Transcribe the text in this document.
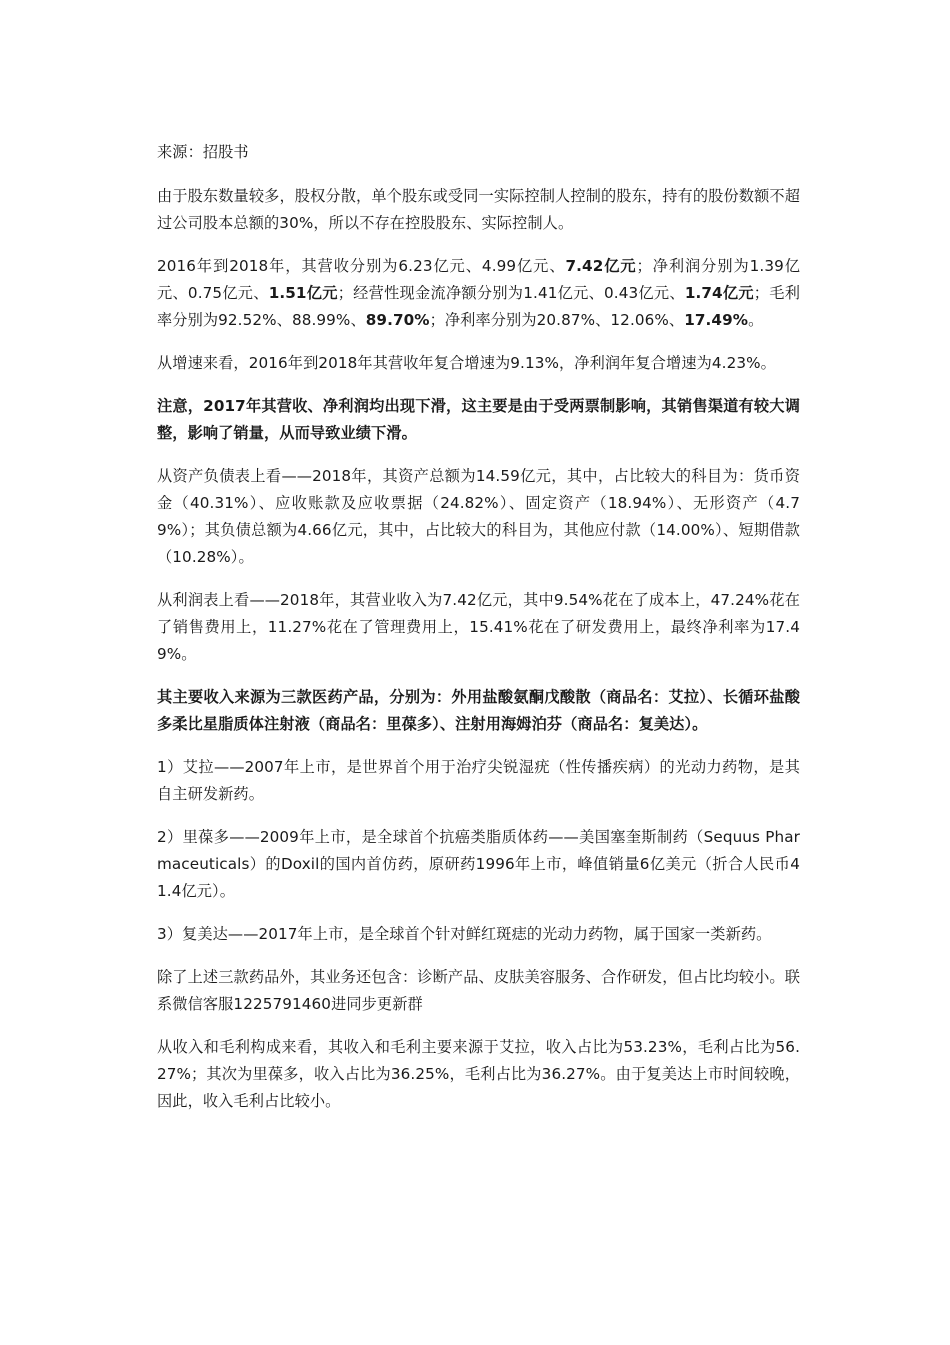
来源：招股书

由于股东数量较多，股权分散，单个股东或受同一实际控制人控制的股东，持有的股份数额不超过公司股本总额的30%，所以不存在控股股东、实际控制人。

2016年到2018年，其营收分别为6.23亿元、4.99亿元、7.42亿元；净利润分别为1.39亿元、0.75亿元、1.51亿元；经营性现金流净额分别为1.41亿元、0.43亿元、1.74亿元；毛利率分别为92.52%、88.99%、89.70%；净利率分别为20.87%、12.06%、17.49%。

从增速来看，2016年到2018年其营收年复合增速为9.13%，净利润年复合增速为4.23%。

注意，2017年其营收、净利润均出现下滑，这主要是由于受两票制影响，其销售渠道有较大调整，影响了销量，从而导致业绩下滑。

从资产负债表上看——2018年，其资产总额为14.59亿元，其中，占比较大的科目为：货币资金（40.31%）、应收账款及应收票据（24.82%）、固定资产（18.94%）、无形资产（4.79%）；其负债总额为4.66亿元，其中，占比较大的科目为，其他应付款（14.00%）、短期借款（10.28%）。

从利润表上看——2018年，其营业收入为7.42亿元，其中9.54%花在了成本上，47.24%花在了销售费用上，11.27%花在了管理费用上，15.41%花在了研发费用上，最终净利率为17.49%。

其主要收入来源为三款医药产品，分别为：外用盐酸氨酮戊酸散（商品名：艾拉）、长循环盐酸多柔比星脂质体注射液（商品名：里葆多）、注射用海姆泊芬（商品名：复美达）。

1）艾拉——2007年上市，是世界首个用于治疗尖锐湿疣（性传播疾病）的光动力药物，是其自主研发新药。

2）里葆多——2009年上市，是全球首个抗癌类脂质体药——美国塞奎斯制药（Sequus Pharmaceuticals）的Doxil的国内首仿药，原研药1996年上市，峰值销量6亿美元（折合人民币41.4亿元）。

3）复美达——2017年上市，是全球首个针对鲜红斑痣的光动力药物，属于国家一类新药。

除了上述三款药品外，其业务还包含：诊断产品、皮肤美容服务、合作研发，但占比均较小。联系微信客服1225791460进同步更新群

从收入和毛利构成来看，其收入和毛利主要来源于艾拉，收入占比为53.23%，毛利占比为56.27%；其次为里葆多，收入占比为36.25%，毛利占比为36.27%。由于复美达上市时间较晚，因此，收入毛利占比较小。
